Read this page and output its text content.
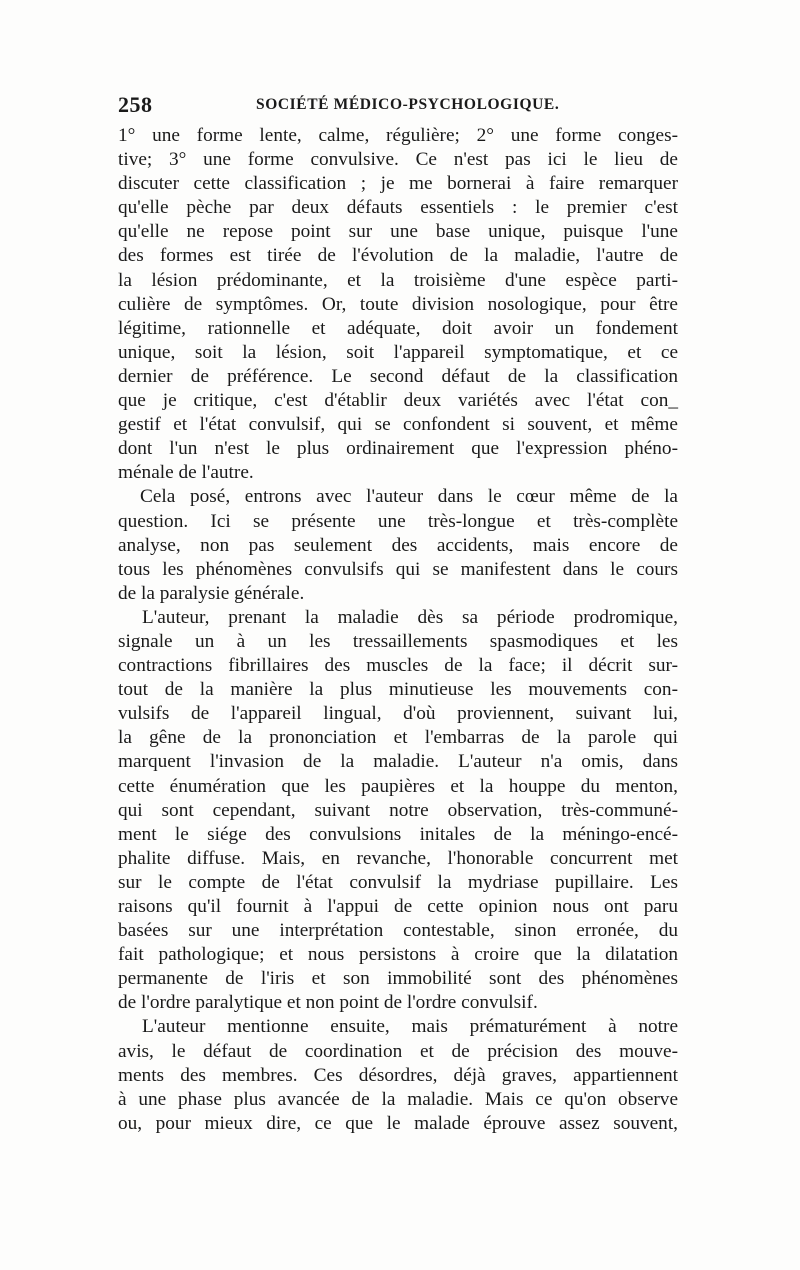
258	SOCIÉTÉ MÉDICO-PSYCHOLOGIQUE.
1° une forme lente, calme, régulière; 2° une forme conges-
tive; 3° une forme convulsive. Ce n'est pas ici le lieu de
discuter cette classification ; je me bornerai à faire remarquer
qu'elle pèche par deux défauts essentiels : le premier c'est
qu'elle ne repose point sur une base unique, puisque l'une
des formes est tirée de l'évolution de la maladie, l'autre de
la lésion prédominante, et la troisième d'une espèce parti-
culière de symptômes. Or, toute division nosologique, pour être
légitime, rationnelle et adéquate, doit avoir un fondement
unique, soit la lésion, soit l'appareil symptomatique, et ce
dernier de préférence. Le second défaut de la classification
que je critique, c'est d'établir deux variétés avec l'état con_
gestif et l'état convulsif, qui se confondent si souvent, et même
dont l'un n'est le plus ordinairement que l'expression phéno-
ménale de l'autre.
Cela posé, entrons avec l'auteur dans le cœur même de la
question. Ici se présente une très-longue et très-complète
analyse, non pas seulement des accidents, mais encore de
tous les phénomènes convulsifs qui se manifestent dans le cours
de la paralysie générale.
L'auteur, prenant la maladie dès sa période prodromique,
signale un à un les tressaillements spasmodiques et les
contractions fibrillaires des muscles de la face; il décrit sur-
tout de la manière la plus minutieuse les mouvements con-
vulsifs de l'appareil lingual, d'où proviennent, suivant lui,
la gêne de la prononciation et l'embarras de la parole qui
marquent l'invasion de la maladie. L'auteur n'a omis, dans
cette énumération que les paupières et la houppe du menton,
qui sont cependant, suivant notre observation, très-communé-
ment le siége des convulsions initales de la méningo-encé-
phalite diffuse. Mais, en revanche, l'honorable concurrent met
sur le compte de l'état convulsif la mydriase pupillaire. Les
raisons qu'il fournit à l'appui de cette opinion nous ont paru
basées sur une interprétation contestable, sinon erronée, du
fait pathologique; et nous persistons à croire que la dilatation
permanente de l'iris et son immobilité sont des phénomènes
de l'ordre paralytique et non point de l'ordre convulsif.
L'auteur mentionne ensuite, mais prématurément à notre
avis, le défaut de coordination et de précision des mouve-
ments des membres. Ces désordres, déjà graves, appartiennent
à une phase plus avancée de la maladie. Mais ce qu'on observe
ou, pour mieux dire, ce que le malade éprouve assez souvent,
